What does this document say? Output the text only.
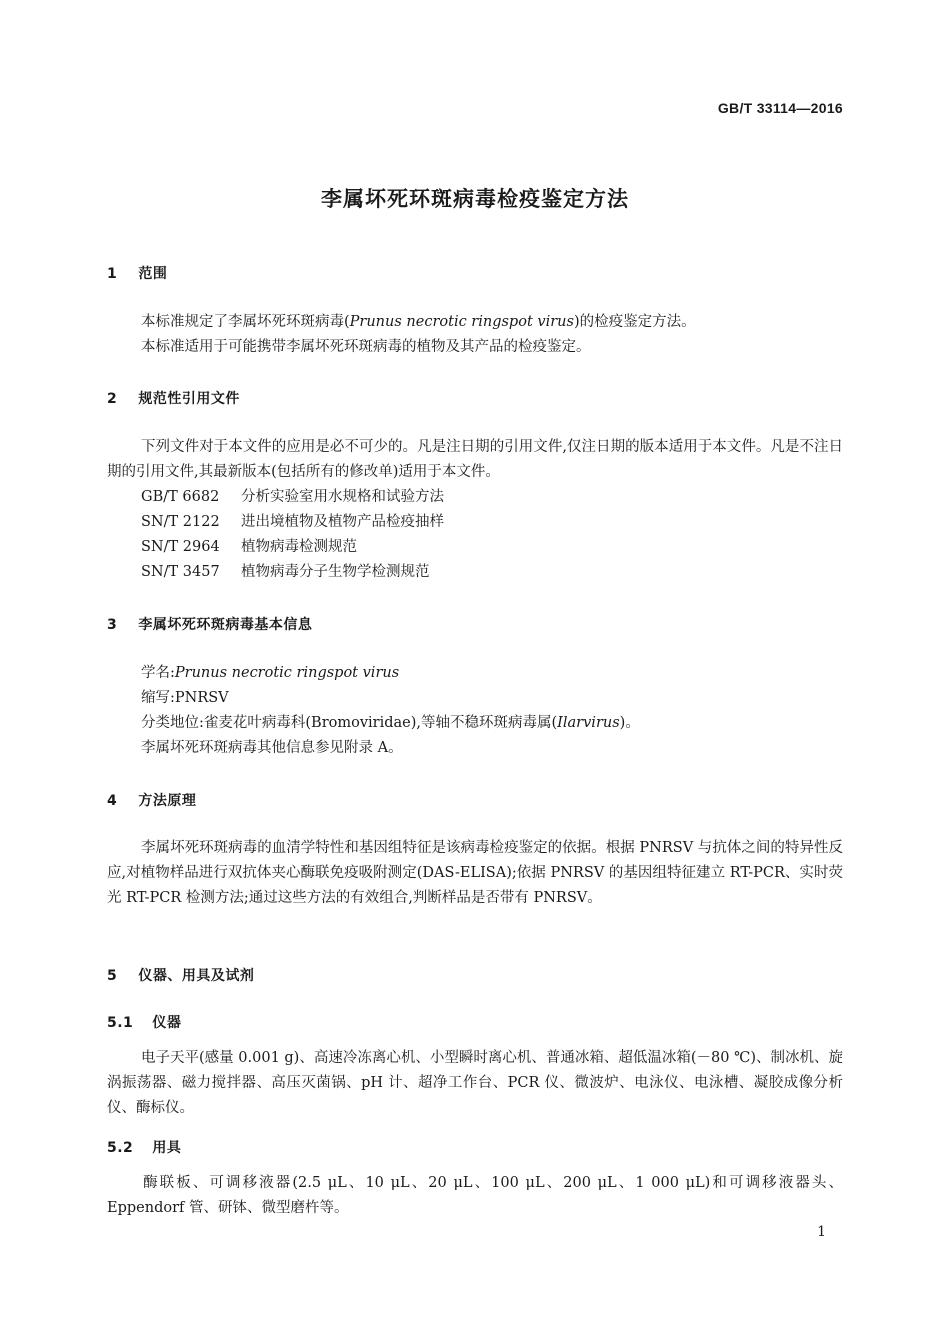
GB/T 33114—2016
李属坏死环斑病毒检疫鉴定方法
1 范围
本标准规定了李属坏死环斑病毒(Prunus necrotic ringspot virus)的检疫鉴定方法。
本标准适用于可能携带李属坏死环斑病毒的植物及其产品的检疫鉴定。
2 规范性引用文件
下列文件对于本文件的应用是必不可少的。凡是注日期的引用文件,仅注日期的版本适用于本文件。凡是不注日期的引用文件,其最新版本(包括所有的修改单)适用于本文件。
GB/T 6682 分析实验室用水规格和试验方法
SN/T 2122 进出境植物及植物产品检疫抽样
SN/T 2964 植物病毒检测规范
SN/T 3457 植物病毒分子生物学检测规范
3 李属坏死环斑病毒基本信息
学名:Prunus necrotic ringspot virus
缩写:PNRSV
分类地位:雀麦花叶病毒科(Bromoviridae),等轴不稳环斑病毒属(Ilarvirus)。
李属坏死环斑病毒其他信息参见附录 A。
4 方法原理
李属坏死环斑病毒的血清学特性和基因组特征是该病毒检疫鉴定的依据。根据 PNRSV 与抗体之间的特异性反应,对植物样品进行双抗体夹心酶联免疫吸附测定(DAS-ELISA);依据 PNRSV 的基因组特征建立 RT-PCR、实时荧光 RT-PCR 检测方法;通过这些方法的有效组合,判断样品是否带有 PNRSV。
5 仪器、用具及试剂
5.1 仪器
电子天平(感量 0.001 g)、高速冷冻离心机、小型瞬时离心机、普通冰箱、超低温冰箱(－80 ℃)、制冰机、旋涡振荡器、磁力搅拌器、高压灭菌锅、pH 计、超净工作台、PCR 仪、微波炉、电泳仪、电泳槽、凝胶成像分析仪、酶标仪。
5.2 用具
酶联板、可调移液器(2.5 μL、10 μL、20 μL、100 μL、200 μL、1 000 μL)和可调移液器头、Eppendorf 管、研钵、微型磨杵等。
1
